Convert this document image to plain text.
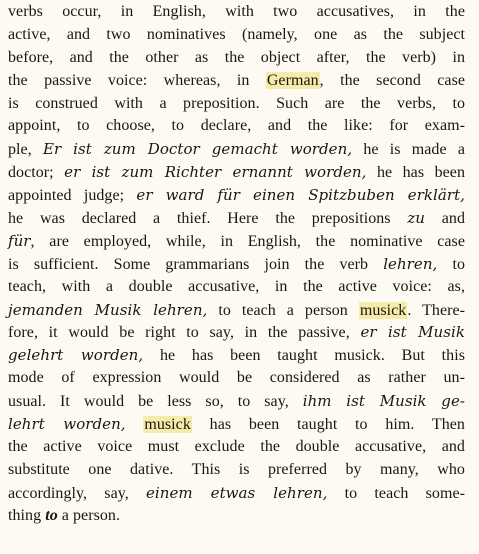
verbs occur, in English, with two accusatives, in the
active, and two nominatives (namely, one as the subject
before, and the other as the object after, the verb) in
the passive voice: whereas, in German, the second case
is construed with a preposition. Such are the verbs, to
appoint, to choose, to declare, and the like: for exam-
ple, Er ist zum Doctor gemacht worden, he is made a
doctor; er ist zum Richter ernannt worden, he has been
appointed judge; er ward für einen Spitzbuben erklärt,
he was declared a thief. Here the prepositions zu and
für, are employed, while, in English, the nominative case
is sufficient. Some grammarians join the verb lehren, to
teach, with a double accusative, in the active voice: as,
jemanden Musik lehren, to teach a person musick. There-
fore, it would be right to say, in the passive, er ist Musik
gelehrt worden, he has been taught musick. But this
mode of expression would be considered as rather un-
usual. It would be less so, to say, ihm ist Musik ge-
lehrt worden, musick has been taught to him. Then
the active voice must exclude the double accusative, and
substitute one dative. This is preferred by many, who
accordingly, say, einem etwas lehren, to teach some-
thing to a person.
